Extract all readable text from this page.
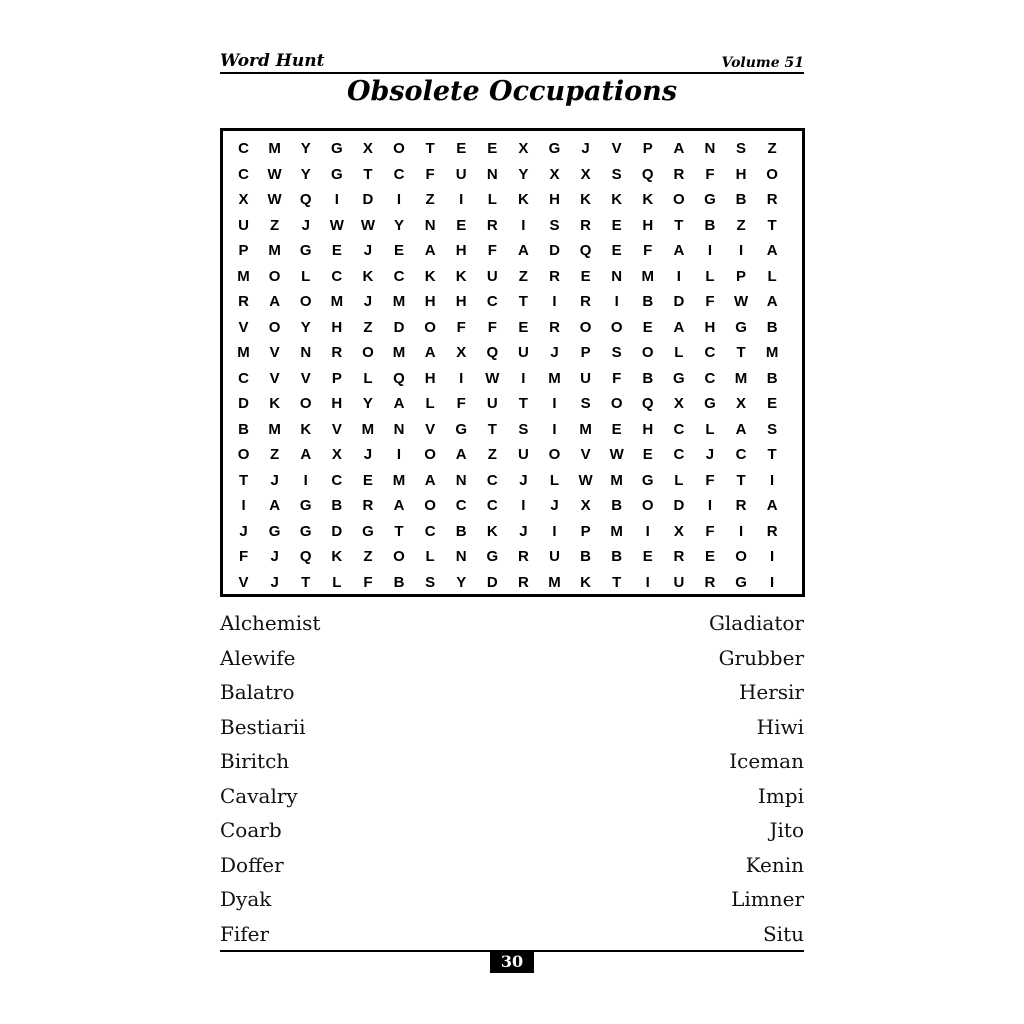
Word Hunt	Volume 51
Obsolete Occupations
C	M	Y	G	X	O	T	E	E	X	G	J	V	P	A	N	S	Z
C	W	Y	G	T	C	F	U	N	Y	X	X	S	Q	R	F	H	O
X	W	Q	I	D	I	Z	I	L	K	H	K	K	K	O	G	B	R
U	Z	J	W	W	Y	N	E	R	I	S	R	E	H	T	B	Z	T
P	M	G	E	J	E	A	H	F	A	D	Q	E	F	A	I	I	A
M	O	L	C	K	C	K	K	U	Z	R	E	N	M	I	L	P	L
R	A	O	M	J	M	H	H	C	T	I	R	I	B	D	F	W	A
V	O	Y	H	Z	D	O	F	F	E	R	O	O	E	A	H	G	B
M	V	N	R	O	M	A	X	Q	U	J	P	S	O	L	C	T	M
C	V	V	P	L	Q	H	I	W	I	M	U	F	B	G	C	M	B
D	K	O	H	Y	A	L	F	U	T	I	S	O	Q	X	G	X	E
B	M	K	V	M	N	V	G	T	S	I	M	E	H	C	L	A	S
O	Z	A	X	J	I	O	A	Z	U	O	V	W	E	C	J	C	T
T	J	I	C	E	M	A	N	C	J	L	W	M	G	L	F	T	I
I	A	G	B	R	A	O	C	C	I	J	X	B	O	D	I	R	A
J	G	G	D	G	T	C	B	K	J	I	P	M	I	X	F	I	R
F	J	Q	K	Z	O	L	N	G	R	U	B	B	E	R	E	O	I
V	J	T	L	F	B	S	Y	D	R	M	K	T	I	U	R	G	I
Alchemist	Gladiator
Alewife	Grubber
Balatro	Hersir
Bestiarii	Hiwi
Biritch	Iceman
Cavalry	Impi
Coarb	Jito
Doffer	Kenin
Dyak	Limner
Fifer	Situ
30
